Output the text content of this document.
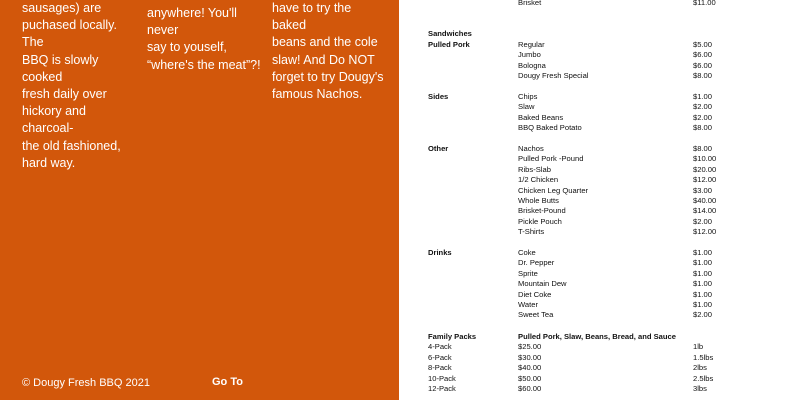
sausages) are

puchased locally. The

BBQ is slowly cooked

fresh daily over

hickory and charcoal-

the old fashioned,

hard way.

anywhere! You'll never

say to youself,

“where's the meat”?!

have to try the baked

beans and the cole

slaw! And Do NOT

forget to try Dougy's

famous Nachos.

© Dougy Fresh BBQ 2021	Go To
Brisket	$11.00
Sandwiches
Pulled Pork	Regular	$5.00
Jumbo	$6.00
Bologna	$6.00
Dougy Fresh Special	$8.00
Sides	Chips	$1.00
Slaw	$2.00
Baked Beans	$2.00
BBQ Baked Potato	$8.00
Other	Nachos	$8.00
Pulled Pork -Pound	$10.00
Ribs-Slab	$20.00
1/2 Chicken	$12.00
Chicken Leg Quarter	$3.00
Whole Butts	$40.00
Brisket-Pound	$14.00
Pickle Pouch	$2.00
T-Shirts	$12.00
Drinks	Coke	$1.00
Dr. Pepper	$1.00
Sprite	$1.00
Mountain Dew	$1.00
Diet Coke	$1.00
Water	$1.00
Sweet Tea	$2.00
Family Packs	Pulled Pork, Slaw, Beans, Bread, and Sauce
4-Pack	$25.00	1lb
6-Pack	$30.00	1.5lbs
8-Pack	$40.00	2lbs
10-Pack	$50.00	2.5lbs
12-Pack	$60.00	3lbs
